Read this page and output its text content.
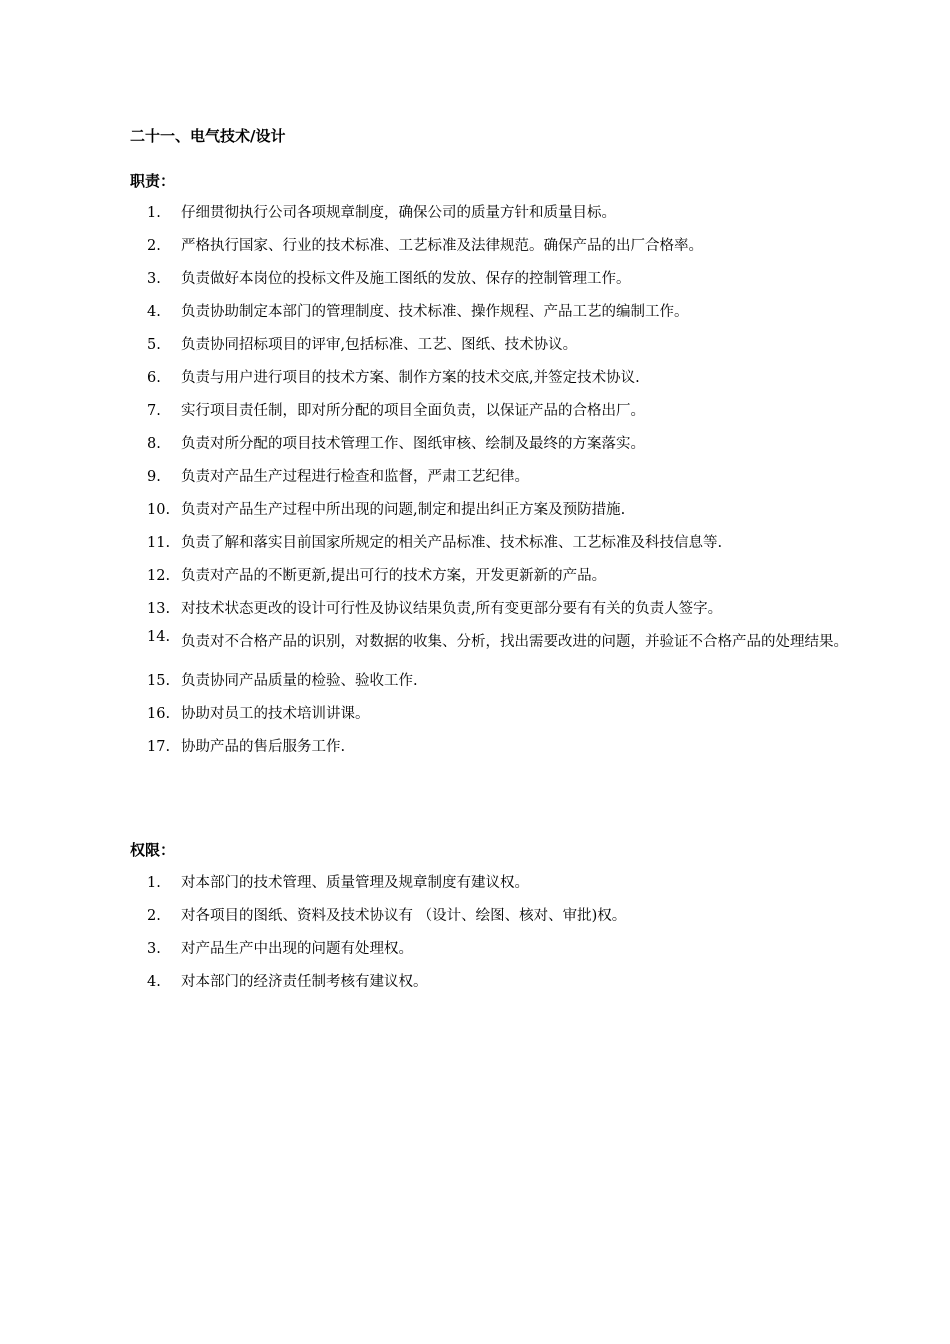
二十一、电气技术/设计
职责：
1.	仔细贯彻执行公司各项规章制度，确保公司的质量方针和质量目标。
2.	严格执行国家、行业的技术标准、工艺标准及法律规范。确保产品的出厂合格率。
3.	负责做好本岗位的投标文件及施工图纸的发放、保存的控制管理工作。
4.	负责协助制定本部门的管理制度、技术标准、操作规程、产品工艺的编制工作。
5.	负责协同招标项目的评审,包括标准、工艺、图纸、技术协议。
6.	负责与用户进行项目的技术方案、制作方案的技术交底,并签定技术协议.
7.	实行项目责任制，即对所分配的项目全面负责，以保证产品的合格出厂。
8.	负责对所分配的项目技术管理工作、图纸审核、绘制及最终的方案落实。
9.	负责对产品生产过程进行检查和监督，严肃工艺纪律。
10. 负责对产品生产过程中所出现的问题,制定和提出纠正方案及预防措施.
11. 负责了解和落实目前国家所规定的相关产品标准、技术标准、工艺标准及科技信息等.
12. 负责对产品的不断更新,提出可行的技术方案，开发更新新的产品。
13. 对技术状态更改的设计可行性及协议结果负责,所有变更部分要有有关的负责人签字。
14. 负责对不合格产品的识别，对数据的收集、分析，找出需要改进的问题，并验证不合格产品的处理结果。
15. 负责协同产品质量的检验、验收工作.
16. 协助对员工的技术培训讲课。
17. 协助产品的售后服务工作.
权限：
1.	对本部门的技术管理、质量管理及规章制度有建议权。
2.	对各项目的图纸、资料及技术协议有 （设计、绘图、核对、审批)权。
3.	对产品生产中出现的问题有处理权。
4.	对本部门的经济责任制考核有建议权。
